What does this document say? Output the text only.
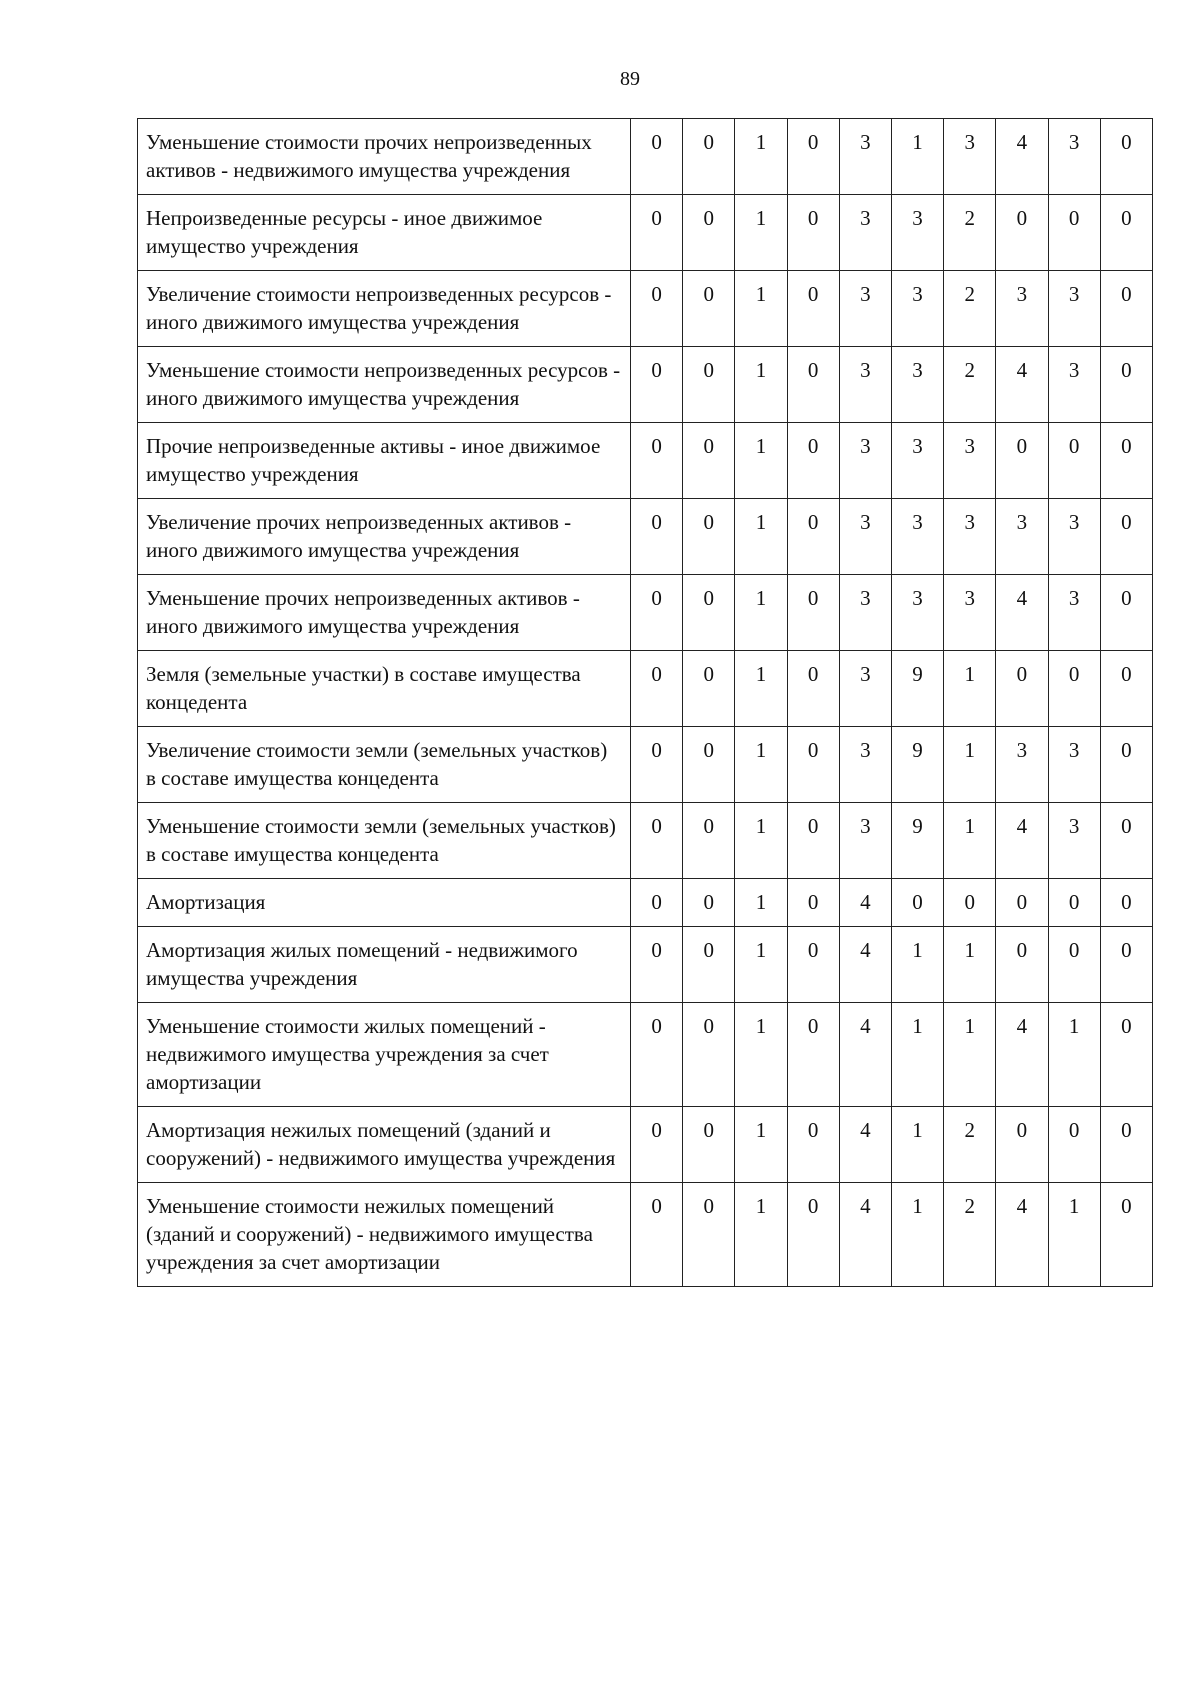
89
Уменьшение стоимости прочих непроизведенных активов - недвижимого имущества учреждения	0	0	1	0	3	1	3	4	3	0
Непроизведенные ресурсы - иное движимое имущество учреждения	0	0	1	0	3	3	2	0	0	0
Увеличение стоимости непроизведенных ресурсов - иного движимого имущества учреждения	0	0	1	0	3	3	2	3	3	0
Уменьшение стоимости непроизведенных ресурсов - иного движимого имущества учреждения	0	0	1	0	3	3	2	4	3	0
Прочие непроизведенные активы - иное движимое имущество учреждения	0	0	1	0	3	3	3	0	0	0
Увеличение прочих непроизведенных активов - иного движимого имущества учреждения	0	0	1	0	3	3	3	3	3	0
Уменьшение прочих непроизведенных активов - иного движимого имущества учреждения	0	0	1	0	3	3	3	4	3	0
Земля (земельные участки) в составе имущества концедента	0	0	1	0	3	9	1	0	0	0
Увеличение стоимости земли (земельных участков) в составе имущества концедента	0	0	1	0	3	9	1	3	3	0
Уменьшение стоимости земли (земельных участков) в составе имущества концедента	0	0	1	0	3	9	1	4	3	0
Амортизация	0	0	1	0	4	0	0	0	0	0
Амортизация жилых помещений - недвижимого имущества учреждения	0	0	1	0	4	1	1	0	0	0
Уменьшение стоимости жилых помещений - недвижимого имущества учреждения за счет амортизации	0	0	1	0	4	1	1	4	1	0
Амортизация нежилых помещений (зданий и сооружений) - недвижимого имущества учреждения	0	0	1	0	4	1	2	0	0	0
Уменьшение стоимости нежилых помещений (зданий и сооружений) - недвижимого имущества учреждения за счет амортизации	0	0	1	0	4	1	2	4	1	0
